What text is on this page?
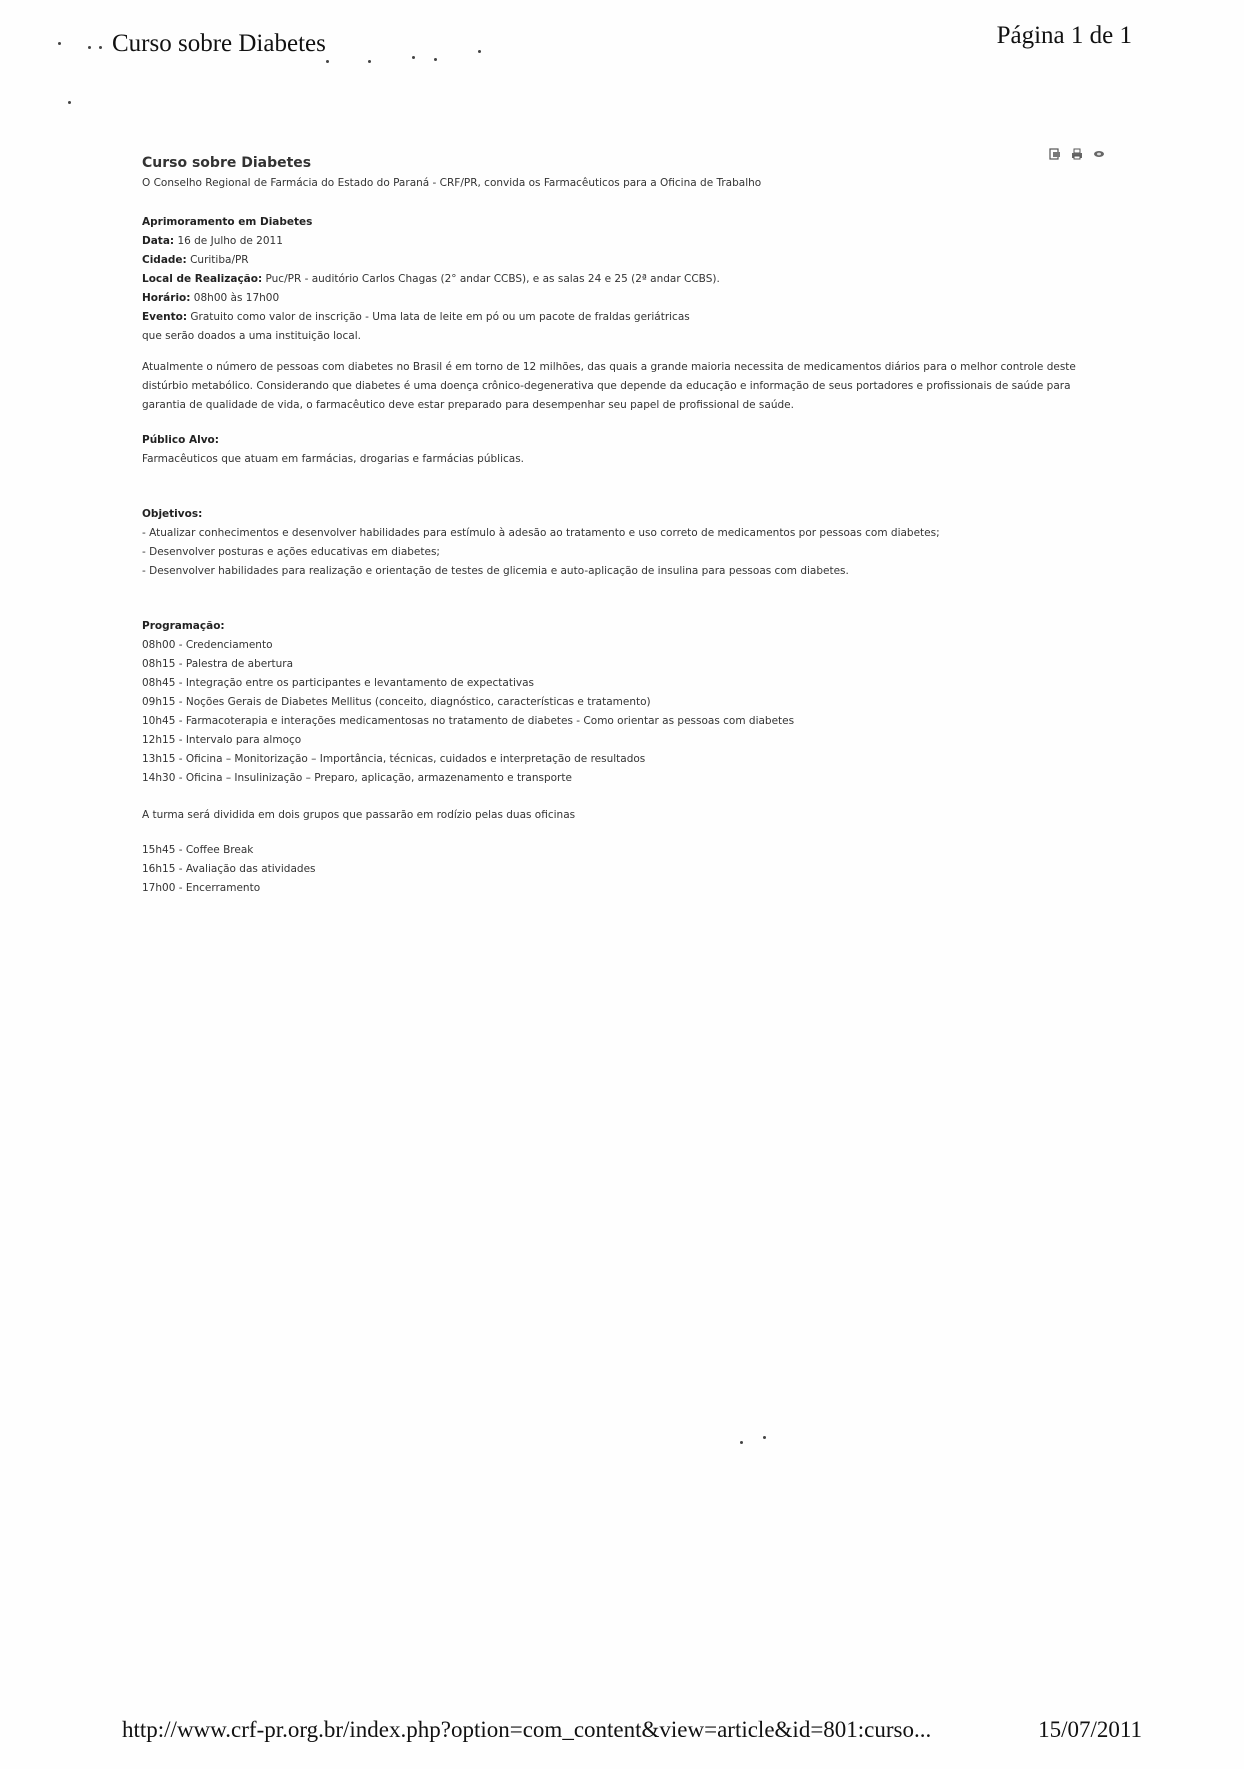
Curso sobre Diabetes	Página 1 de 1
Curso sobre Diabetes

O Conselho Regional de Farmácia do Estado do Paraná - CRF/PR, convida os Farmacêuticos para a Oficina de Trabalho

Aprimoramento em Diabetes
Data: 16 de Julho de 2011
Cidade: Curitiba/PR
Local de Realização: Puc/PR - auditório Carlos Chagas (2° andar CCBS), e as salas 24 e 25 (2ª andar CCBS).
Horário: 08h00 às 17h00
Evento: Gratuito como valor de inscrição - Uma lata de leite em pó ou um pacote de fraldas geriátricas
que serão doados a uma instituição local.

Atualmente o número de pessoas com diabetes no Brasil é em torno de 12 milhões, das quais a grande maioria necessita de medicamentos diários para o melhor controle deste distúrbio metabólico. Considerando que diabetes é uma doença crônico-degenerativa que depende da educação e informação de seus portadores e profissionais de saúde para garantia de qualidade de vida, o farmacêutico deve estar preparado para desempenhar seu papel de profissional de saúde.

Público Alvo:
Farmacêuticos que atuam em farmácias, drogarias e farmácias públicas.
Objetivos:
- Atualizar conhecimentos e desenvolver habilidades para estímulo à adesão ao tratamento e uso correto de medicamentos por pessoas com diabetes;
- Desenvolver posturas e ações educativas em diabetes;
- Desenvolver habilidades para realização e orientação de testes de glicemia e auto-aplicação de insulina para pessoas com diabetes.
Programação:
08h00 - Credenciamento
08h15 - Palestra de abertura
08h45 - Integração entre os participantes e levantamento de expectativas
09h15 - Noções Gerais de Diabetes Mellitus (conceito, diagnóstico, características e tratamento)
10h45 - Farmacoterapia e interações medicamentosas no tratamento de diabetes - Como orientar as pessoas com diabetes
12h15 - Intervalo para almoço
13h15 - Oficina – Monitorização – Importância, técnicas, cuidados e interpretação de resultados
14h30 - Oficina – Insulinização – Preparo, aplicação, armazenamento e transporte

A turma será dividida em dois grupos que passarão em rodízio pelas duas oficinas

15h45 - Coffee Break
16h15 - Avaliação das atividades
17h00 - Encerramento
http://www.crf-pr.org.br/index.php?option=com_content&view=article&id=801:curso...	15/07/2011
